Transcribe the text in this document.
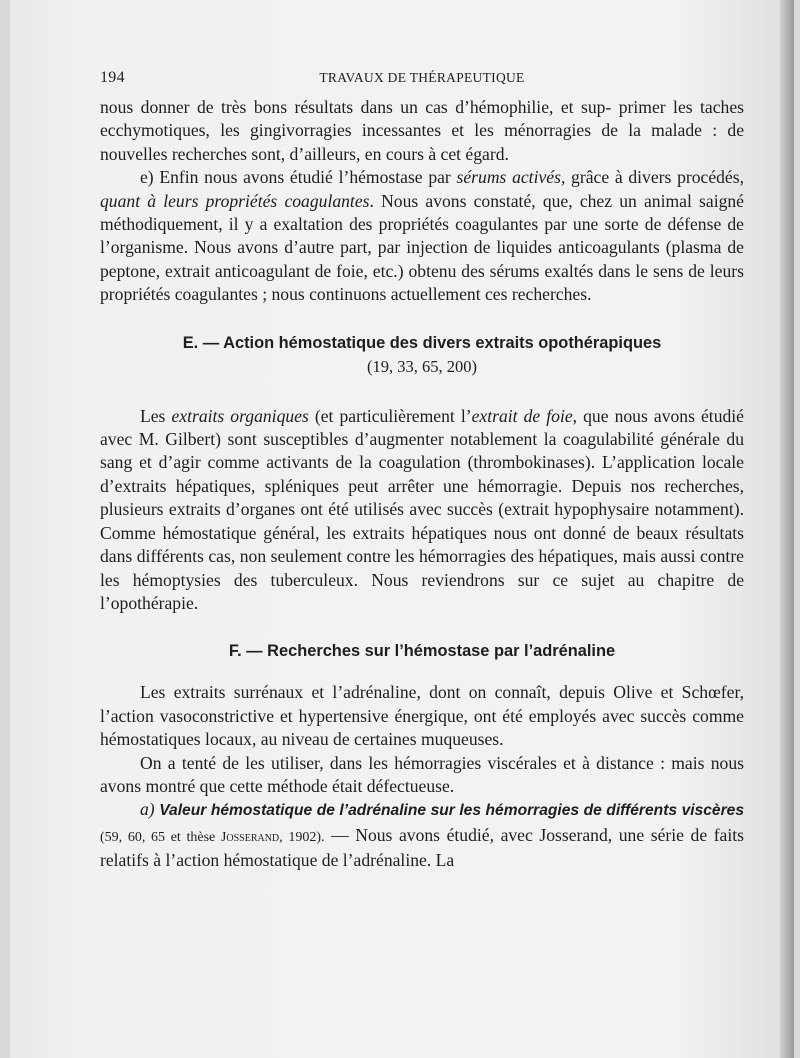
194	TRAVAUX DE THÉRAPEUTIQUE

nous donner de très bons résultats dans un cas d’hémophilie, et sup- primer les taches ecchymotiques, les gingivorragies incessantes et les ménorragies de la malade : de nouvelles recherches sont, d’ailleurs, en cours à cet égard.

e) Enfin nous avons étudié l’hémostase par sérums activés, grâce à divers procédés, quant à leurs propriétés coagulantes. Nous avons constaté, que, chez un animal saigné méthodiquement, il y a exaltation des propriétés coagulantes par une sorte de défense de l’organisme. Nous avons d’autre part, par injection de liquides anticoagulants (plasma de peptone, extrait anticoagulant de foie, etc.) obtenu des sérums exaltés dans le sens de leurs propriétés coagulantes ; nous continuons actuellement ces recherches.

E. — Action hémostatique des divers extraits opothérapiques
(19, 33, 65, 200)

Les extraits organiques (et particulièrement l’extrait de foie, que nous avons étudié avec M. Gilbert) sont susceptibles d’augmenter notablement la coagulabilité générale du sang et d’agir comme activants de la coagulation (thrombokinases). L’application locale d’extraits hépatiques, spléniques peut arrêter une hémorragie. Depuis nos recherches, plusieurs extraits d’organes ont été utilisés avec succès (extrait hypophysaire notamment). Comme hémostatique général, les extraits hépatiques nous ont donné de beaux résultats dans différents cas, non seulement contre les hémorragies des hépatiques, mais aussi contre les hémoptysies des tuberculeux. Nous reviendrons sur ce sujet au chapitre de l’opothérapie.

F. — Recherches sur l’hémostase par l’adrénaline

Les extraits surrénaux et l’adrénaline, dont on connaît, depuis Olive et Schœfer, l’action vasoconstrictive et hypertensive énergique, ont été employés avec succès comme hémostatiques locaux, au niveau de certaines muqueuses.

On a tenté de les utiliser, dans les hémorragies viscérales et à distance : mais nous avons montré que cette méthode était défectueuse.

a) Valeur hémostatique de l’adrénaline sur les hémorragies de différents viscères (59, 60, 65 et thèse Josserand, 1902). — Nous avons étudié, avec Josserand, une série de faits relatifs à l’action hémostatique de l’adrénaline. La
